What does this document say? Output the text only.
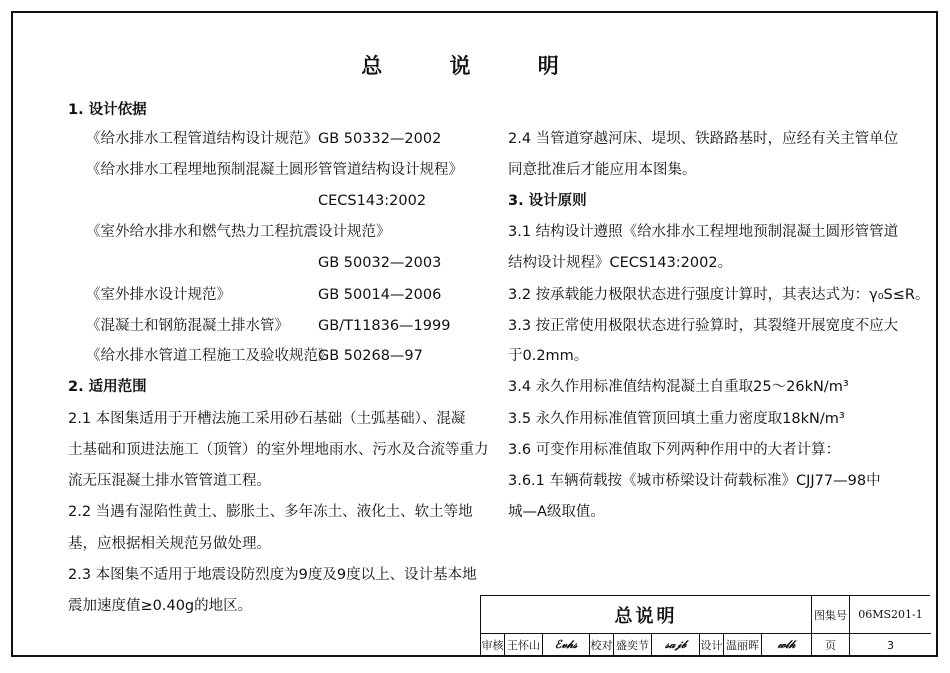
总 说 明
1. 设计依据
《给水排水工程管道结构设计规范》 GB 50332—2002
《给水排水工程埋地预制混凝土圆形管管道结构设计规程》
CECS143:2002
《室外给水排水和燃气热力工程抗震设计规范》
GB 50032—2003
《室外排水设计规范》	GB 50014—2006
《混凝土和钢筋混凝土排水管》 GB/T11836—1999
《给水排水管道工程施工及验收规范》
GB 50268—97
2. 适用范围
2.1 本图集适用于开槽法施工采用砂石基础（土弧基础）、混凝
土基础和顶进法施工（顶管）的室外埋地雨水、污水及合流等重力
流无压混凝土排水管管道工程。
2.2 当遇有湿陷性黄土、膨胀土、多年冻土、液化土、软土等地
基，应根据相关规范另做处理。
2.3 本图集不适用于地震设防烈度为9度及9度以上、设计基本地
震加速度值≥0.40g的地区。
2.4 当管道穿越河床、堤坝、铁路路基时，应经有关主管单位
同意批准后才能应用本图集。
3. 设计原则
3.1 结构设计遵照《给水排水工程埋地预制混凝土圆形管管道
结构设计规程》CECS143:2002。
3.2 按承载能力极限状态进行强度计算时，其表达式为：γ₀S≤R。
3.3 按正常使用极限状态进行验算时，其裂缝开展宽度不应大
于0.2mm。
3.4 永久作用标准值结构混凝土自重取25～26kN/m³
3.5 永久作用标准值管顶回填土重力密度取18kN/m³
3.6 可变作用标准值取下列两种作用中的大者计算：
3.6.1 车辆荷载按《城市桥梁设计荷载标准》CJJ77—98中
城—A级取值。
总说明	图集号	06MS201-1
审核 王怀山	ℰ𝓋𝒽𝓈	校对 盛奕节	𝓈𝒶𝒿𝒷	设计 温丽晖	𝓌𝓁𝒽	页	3
